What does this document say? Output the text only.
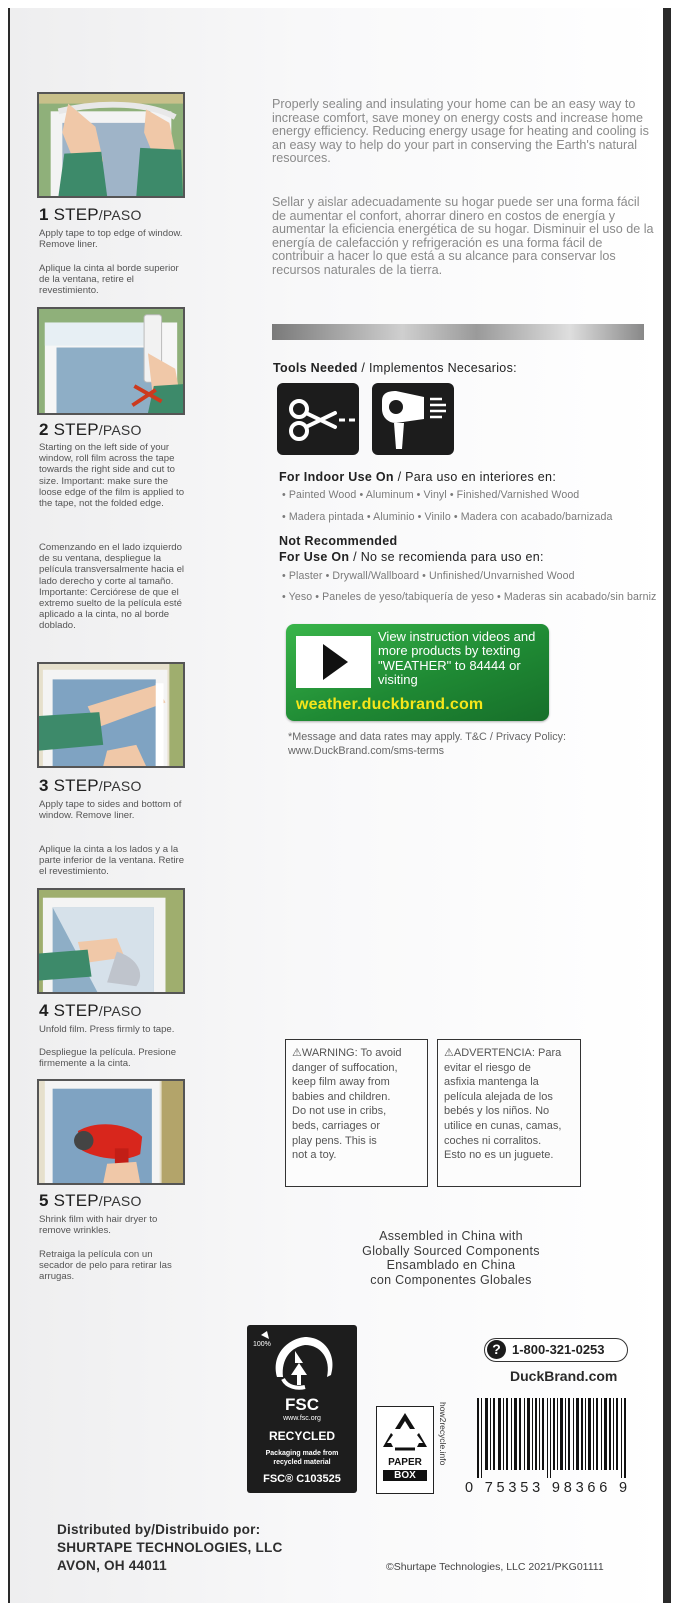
1 STEP/PASO
Apply tape to top edge of window. Remove liner.
Aplique la cinta al borde superior de la ventana, retire el revestimiento.
2 STEP/PASO
Starting on the left side of your window, roll film across the tape towards the right side and cut to size. Important: make sure the loose edge of the film is applied to the tape, not the folded edge.
Comenzando en el lado izquierdo de su ventana, despliegue la película transversalmente hacia el lado derecho y corte al tamaño. Importante: Cerciórese de que el extremo suelto de la película esté aplicado a la cinta, no al borde doblado.
3 STEP/PASO
Apply tape to sides and bottom of window. Remove liner.
Aplique la cinta a los lados y a la parte inferior de la ventana. Retire el revestimiento.
4 STEP/PASO
Unfold film. Press firmly to tape.
Despliegue la película. Presione firmemente a la cinta.
5 STEP/PASO
Shrink film with hair dryer to remove wrinkles.
Retraiga la película con un secador de pelo para retirar las arrugas.
Properly sealing and insulating your home can be an easy way to increase comfort, save money on energy costs and increase home energy efficiency. Reducing energy usage for heating and cooling is an easy way to help do your part in conserving the Earth's natural resources.
Sellar y aislar adecuadamente su hogar puede ser una forma fácil de aumentar el confort, ahorrar dinero en costos de energía y aumentar la eficiencia energética de su hogar. Disminuir el uso de la energía de calefacción y refrigeración es una forma fácil de contribuir a hacer lo que está a su alcance para conservar los recursos naturales de la tierra.
Tools Needed / Implementos Necesarios:
For Indoor Use On / Para uso en interiores en:
• Painted Wood • Aluminum • Vinyl • Finished/Varnished Wood
• Madera pintada • Aluminio • Vinilo • Madera con acabado/barnizada
Not Recommended
For Use On / No se recomienda para uso en:
• Plaster • Drywall/Wallboard • Unfinished/Unvarnished Wood
• Yeso • Paneles de yeso/tabiquería de yeso • Maderas sin acabado/sin barniz
View instruction videos and more products by texting "WEATHER" to 84444 or visiting
weather.duckbrand.com
*Message and data rates may apply. T&C / Privacy Policy: www.DuckBrand.com/sms-terms
⚠WARNING: To avoid
danger of suffocation,
keep film away from
babies and children.
Do not use in cribs,
beds, carriages or
play pens. This is
not a toy.
⚠ADVERTENCIA: Para
evitar el riesgo de
asfixia mantenga la
película alejada de los
bebés y los niños. No
utilice en cunas, camas,
coches ni corralitos.
Esto no es un juguete.
Assembled in China with
Globally Sourced Components
Ensamblado en China
con Componentes Globales
100%
FSC
www.fsc.org
RECYCLED
Packaging made from recycled material
FSC® C103525
PAPER
BOX
how2recycle.info
? 1-800-321-0253
DuckBrand.com
0 75353 98366 9
Distributed by/Distribuido por:
SHURTAPE TECHNOLOGIES, LLC
AVON, OH 44011	©Shurtape Technologies, LLC 2021/PKG01111
